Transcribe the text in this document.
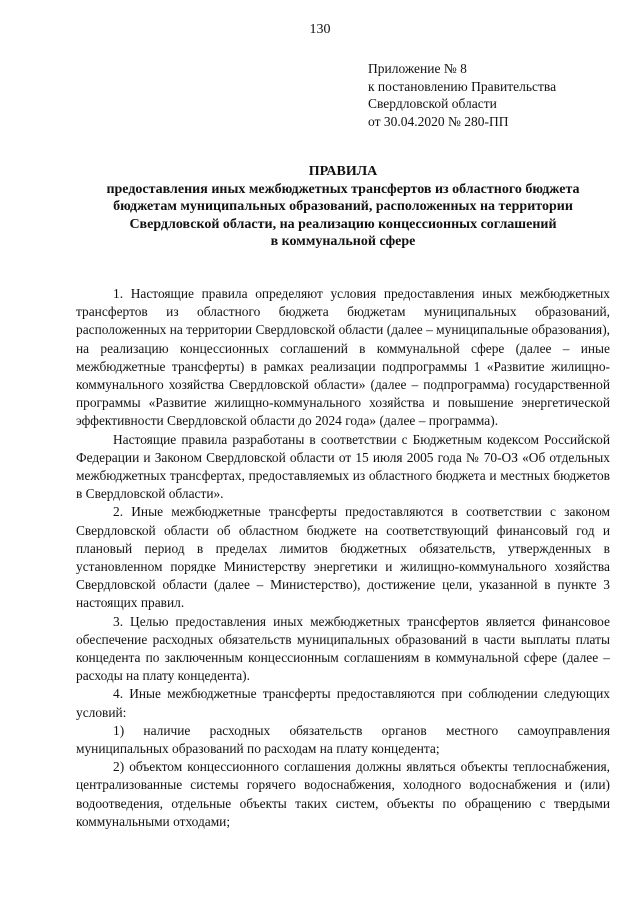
130
Приложение № 8
к постановлению Правительства
Свердловской области
от 30.04.2020 № 280-ПП
ПРАВИЛА
предоставления иных межбюджетных трансфертов из областного бюджета
бюджетам муниципальных образований, расположенных на территории
Свердловской области, на реализацию концессионных соглашений
в коммунальной сфере

1. Настоящие правила определяют условия предоставления иных межбюджетных трансфертов из областного бюджета бюджетам муниципальных образований, расположенных на территории Свердловской области (далее – муниципальные образования), на реализацию концессионных соглашений в коммунальной сфере (далее – иные межбюджетные трансферты) в рамках реализации подпрограммы 1 «Развитие жилищно-коммунального хозяйства Свердловской области» (далее – подпрограмма) государственной программы «Развитие жилищно-коммунального хозяйства и повышение энергетической эффективности Свердловской области до 2024 года» (далее – программа).

Настоящие правила разработаны в соответствии с Бюджетным кодексом Российской Федерации и Законом Свердловской области от 15 июля 2005 года № 70-ОЗ «Об отдельных межбюджетных трансфертах, предоставляемых из областного бюджета и местных бюджетов в Свердловской области».

2. Иные межбюджетные трансферты предоставляются в соответствии с законом Свердловской области об областном бюджете на соответствующий финансовый год и плановый период в пределах лимитов бюджетных обязательств, утвержденных в установленном порядке Министерству энергетики и жилищно-коммунального хозяйства Свердловской области (далее – Министерство), достижение цели, указанной в пункте 3 настоящих правил.

3. Целью предоставления иных межбюджетных трансфертов является финансовое обеспечение расходных обязательств муниципальных образований в части выплаты платы концедента по заключенным концессионным соглашениям в коммунальной сфере (далее – расходы на плату концедента).

4. Иные межбюджетные трансферты предоставляются при соблюдении следующих условий:

1) наличие расходных обязательств органов местного самоуправления муниципальных образований по расходам на плату концедента;

2) объектом концессионного соглашения должны являться объекты теплоснабжения, централизованные системы горячего водоснабжения, холодного водоснабжения и (или) водоотведения, отдельные объекты таких систем, объекты по обращению с твердыми коммунальными отходами;
